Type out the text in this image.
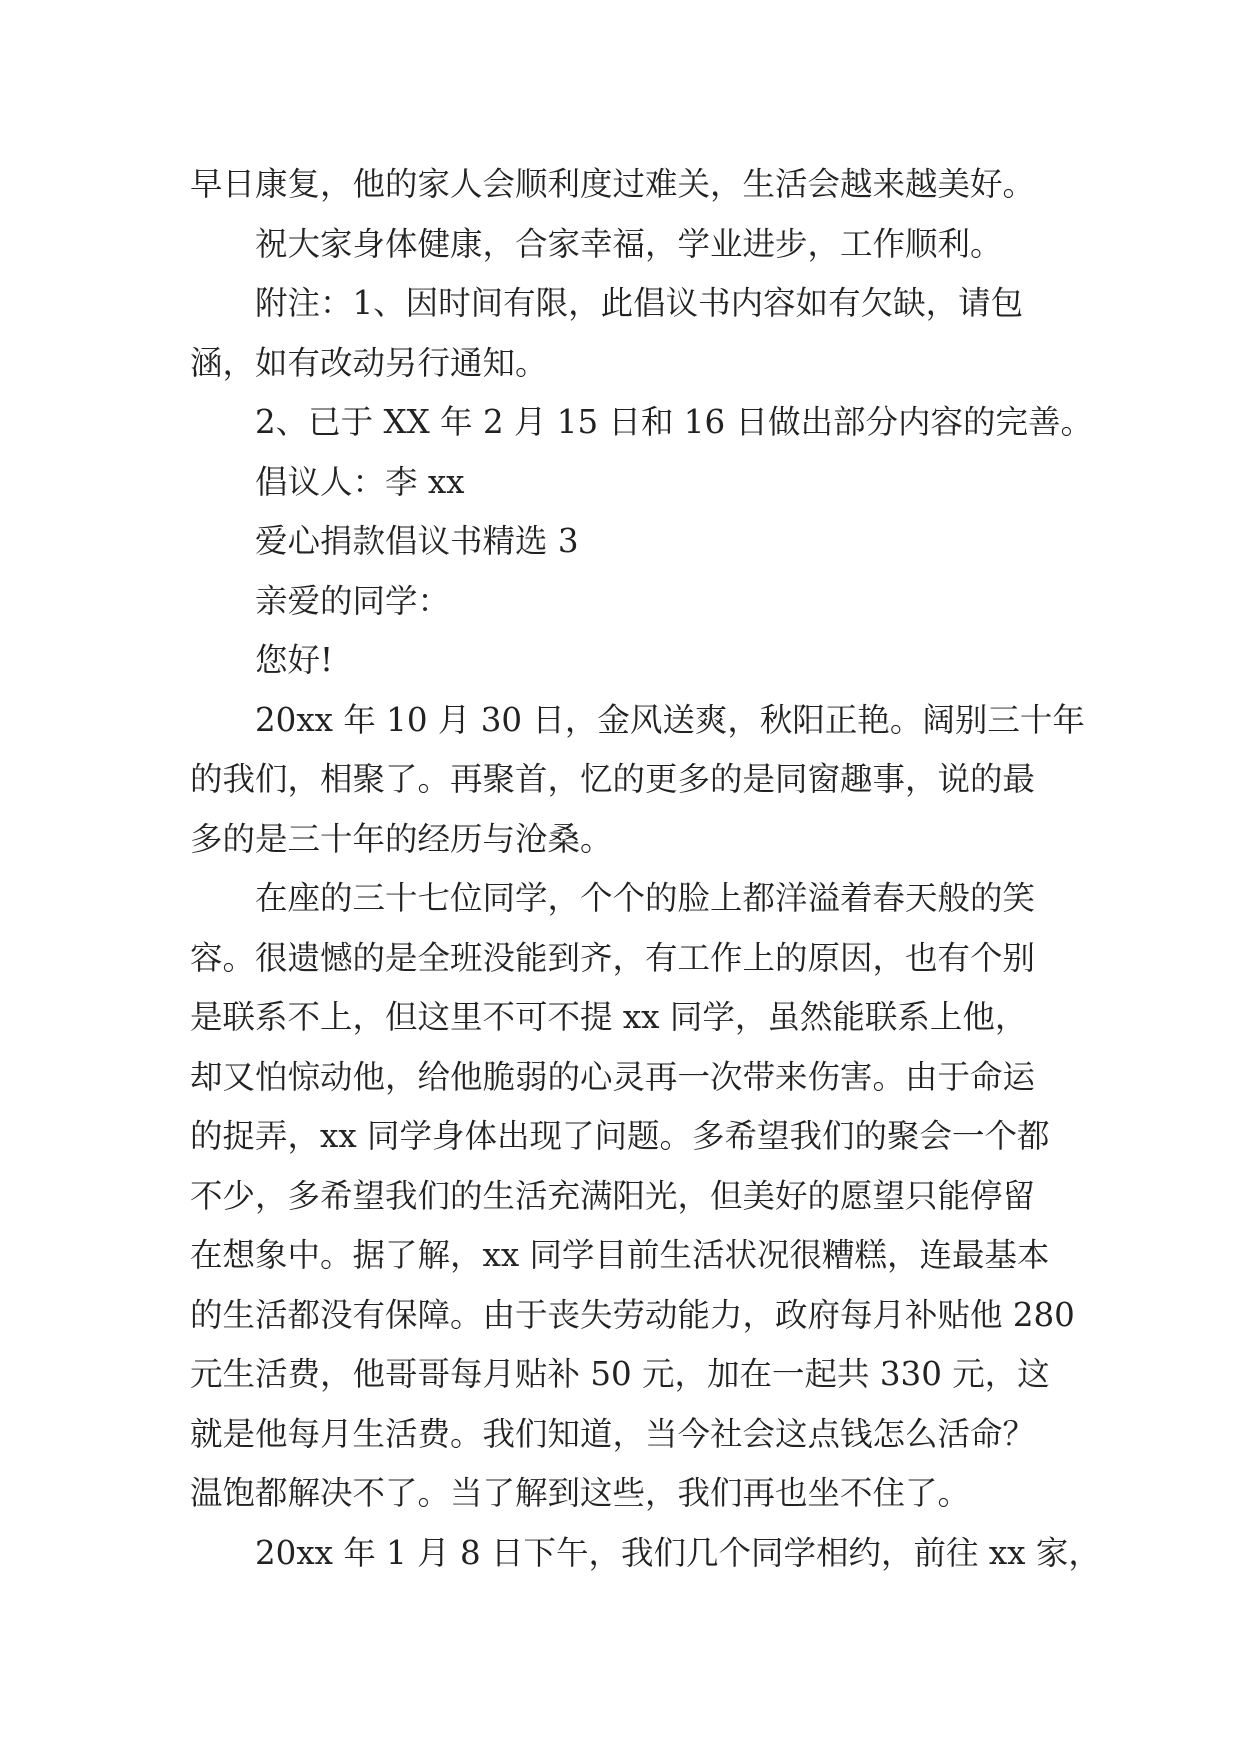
早日康复，他的家人会顺利度过难关，生活会越来越美好。
祝大家身体健康，合家幸福，学业进步，工作顺利。
附注：1、因时间有限，此倡议书内容如有欠缺，请包
涵，如有改动另行通知。
2、已于 XX 年 2 月 15 日和 16 日做出部分内容的完善。
倡议人：李 xx
爱心捐款倡议书精选 3
亲爱的同学：
您好!
20xx 年 10 月 30 日，金风送爽，秋阳正艳。阔别三十年
的我们，相聚了。再聚首，忆的更多的是同窗趣事，说的最
多的是三十年的经历与沧桑。
在座的三十七位同学，个个的脸上都洋溢着春天般的笑
容。很遗憾的是全班没能到齐，有工作上的原因，也有个别
是联系不上，但这里不可不提 xx 同学，虽然能联系上他，
却又怕惊动他，给他脆弱的心灵再一次带来伤害。由于命运
的捉弄，xx 同学身体出现了问题。多希望我们的聚会一个都
不少，多希望我们的生活充满阳光，但美好的愿望只能停留
在想象中。据了解，xx 同学目前生活状况很糟糕，连最基本
的生活都没有保障。由于丧失劳动能力，政府每月补贴他 280
元生活费，他哥哥每月贴补 50 元，加在一起共 330 元，这
就是他每月生活费。我们知道，当今社会这点钱怎么活命？
温饱都解决不了。当了解到这些，我们再也坐不住了。
20xx 年 1 月 8 日下午，我们几个同学相约，前往 xx 家，
